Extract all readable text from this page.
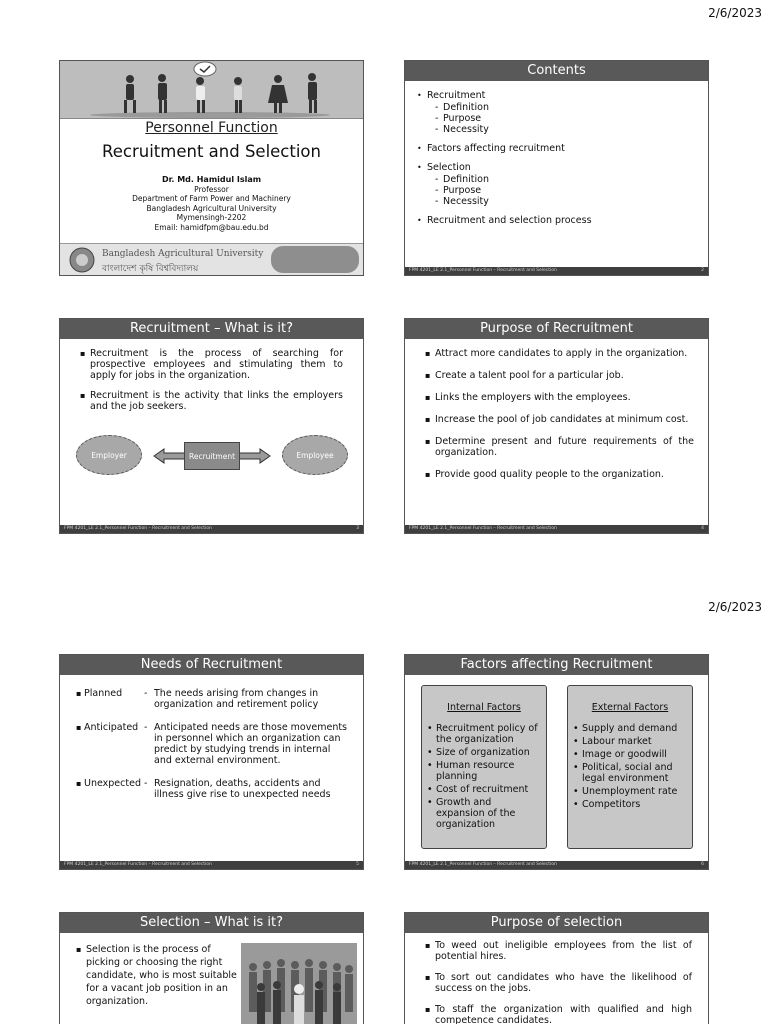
2/6/2023
2/6/2023
Personnel Function
Recruitment and Selection
Dr. Md. Hamidul Islam
Professor
Department of Farm Power and Machinery
Bangladesh Agricultural University
Mymensingh-2202
Email: hamidfpm@bau.edu.bd
Bangladesh Agricultural University
বাংলাদেশ কৃষি বিশ্ববিদ্যালয়
Contents
• Recruitment
- Definition
- Purpose
- Necessity
• Factors affecting recruitment
• Selection
- Definition
- Purpose
- Necessity
• Recruitment and selection process
FPM 4201_LE 2.1_Personnel Function – Recruitment and Selection	2
Recruitment – What is it?
▪ Recruitment is the process of searching for prospective employees and stimulating them to apply for jobs in the organization.
▪ Recruitment is the activity that links the employers and the job seekers.
Employer	Recruitment	Employee
FPM 4201_LE 2.1_Personnel Function – Recruitment and Selection	3
Purpose of Recruitment
▪ Attract more candidates to apply in the organization.
▪ Create a talent pool for a particular job.
▪ Links the employers with the employees.
▪ Increase the pool of job candidates at minimum cost.
▪ Determine present and future requirements of the organization.
▪ Provide good quality people to the organization.
FPM 4201_LE 2.1_Personnel Function – Recruitment and Selection	4
Needs of Recruitment
▪ Planned	- The needs arising from changes in organization and retirement policy
▪ Anticipated - Anticipated needs are those movements in personnel which an organization can predict by studying trends in internal and external environment.
▪ Unexpected - Resignation, deaths, accidents and illness give rise to unexpected needs
FPM 4201_LE 2.1_Personnel Function – Recruitment and Selection	5
Factors affecting Recruitment
Internal Factors
• Recruitment policy of the organization
• Size of organization
• Human resource planning
• Cost of recruitment
• Growth and expansion of the organization
External Factors
• Supply and demand
• Labour market
• Image or goodwill
• Political, social and legal environment
• Unemployment rate
• Competitors
FPM 4201_LE 2.1_Personnel Function – Recruitment and Selection	6
Selection – What is it?
▪ Selection is the process of picking or choosing the right candidate, who is most suitable for a vacant job position in an organization.
Purpose of selection
▪ To weed out ineligible employees from the list of potential hires.
▪ To sort out candidates who have the likelihood of success on the jobs.
▪ To staff the organization with qualified and high competence candidates.
